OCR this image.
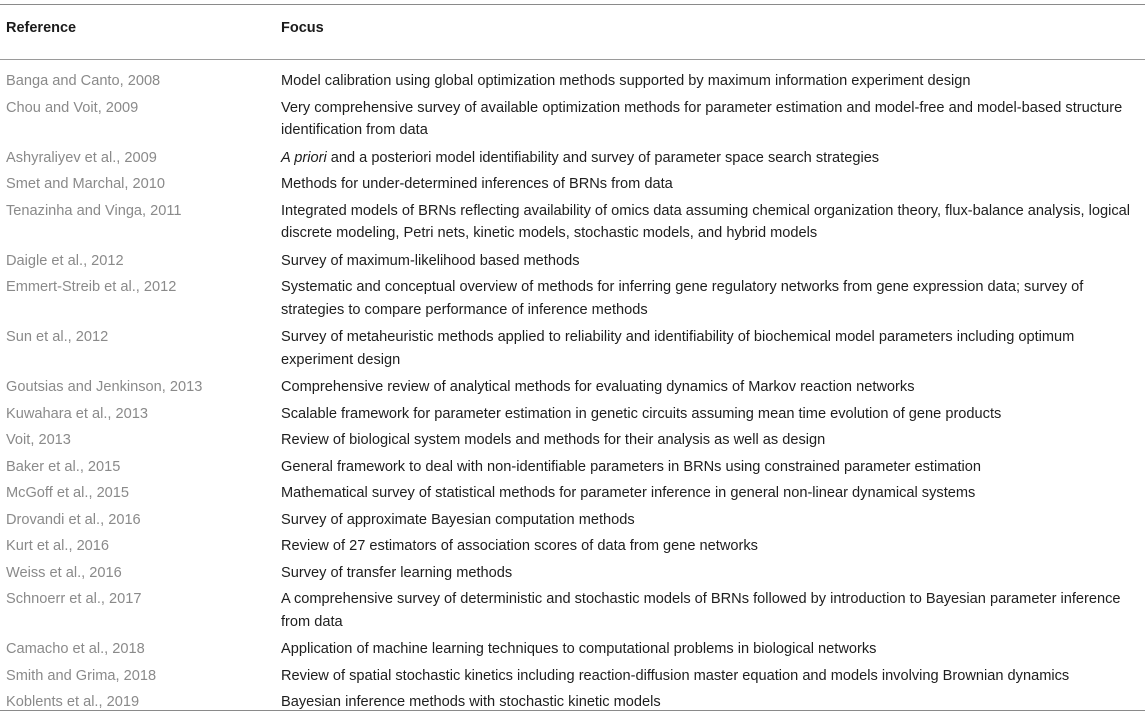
Reference	Focus
Banga and Canto, 2008	Model calibration using global optimization methods supported by maximum information experiment design
Chou and Voit, 2009	Very comprehensive survey of available optimization methods for parameter estimation and model-free and model-based structure identification from data
Ashyraliyev et al., 2009	A priori and a posteriori model identifiability and survey of parameter space search strategies
Smet and Marchal, 2010	Methods for under-determined inferences of BRNs from data
Tenazinha and Vinga, 2011	Integrated models of BRNs reflecting availability of omics data assuming chemical organization theory, flux-balance analysis, logical discrete modeling, Petri nets, kinetic models, stochastic models, and hybrid models
Daigle et al., 2012	Survey of maximum-likelihood based methods
Emmert-Streib et al., 2012	Systematic and conceptual overview of methods for inferring gene regulatory networks from gene expression data; survey of strategies to compare performance of inference methods
Sun et al., 2012	Survey of metaheuristic methods applied to reliability and identifiability of biochemical model parameters including optimum experiment design
Goutsias and Jenkinson, 2013	Comprehensive review of analytical methods for evaluating dynamics of Markov reaction networks
Kuwahara et al., 2013	Scalable framework for parameter estimation in genetic circuits assuming mean time evolution of gene products
Voit, 2013	Review of biological system models and methods for their analysis as well as design
Baker et al., 2015	General framework to deal with non-identifiable parameters in BRNs using constrained parameter estimation
McGoff et al., 2015	Mathematical survey of statistical methods for parameter inference in general non-linear dynamical systems
Drovandi et al., 2016	Survey of approximate Bayesian computation methods
Kurt et al., 2016	Review of 27 estimators of association scores of data from gene networks
Weiss et al., 2016	Survey of transfer learning methods
Schnoerr et al., 2017	A comprehensive survey of deterministic and stochastic models of BRNs followed by introduction to Bayesian parameter inference from data
Camacho et al., 2018	Application of machine learning techniques to computational problems in biological networks
Smith and Grima, 2018	Review of spatial stochastic kinetics including reaction-diffusion master equation and models involving Brownian dynamics
Koblents et al., 2019	Bayesian inference methods with stochastic kinetic models
